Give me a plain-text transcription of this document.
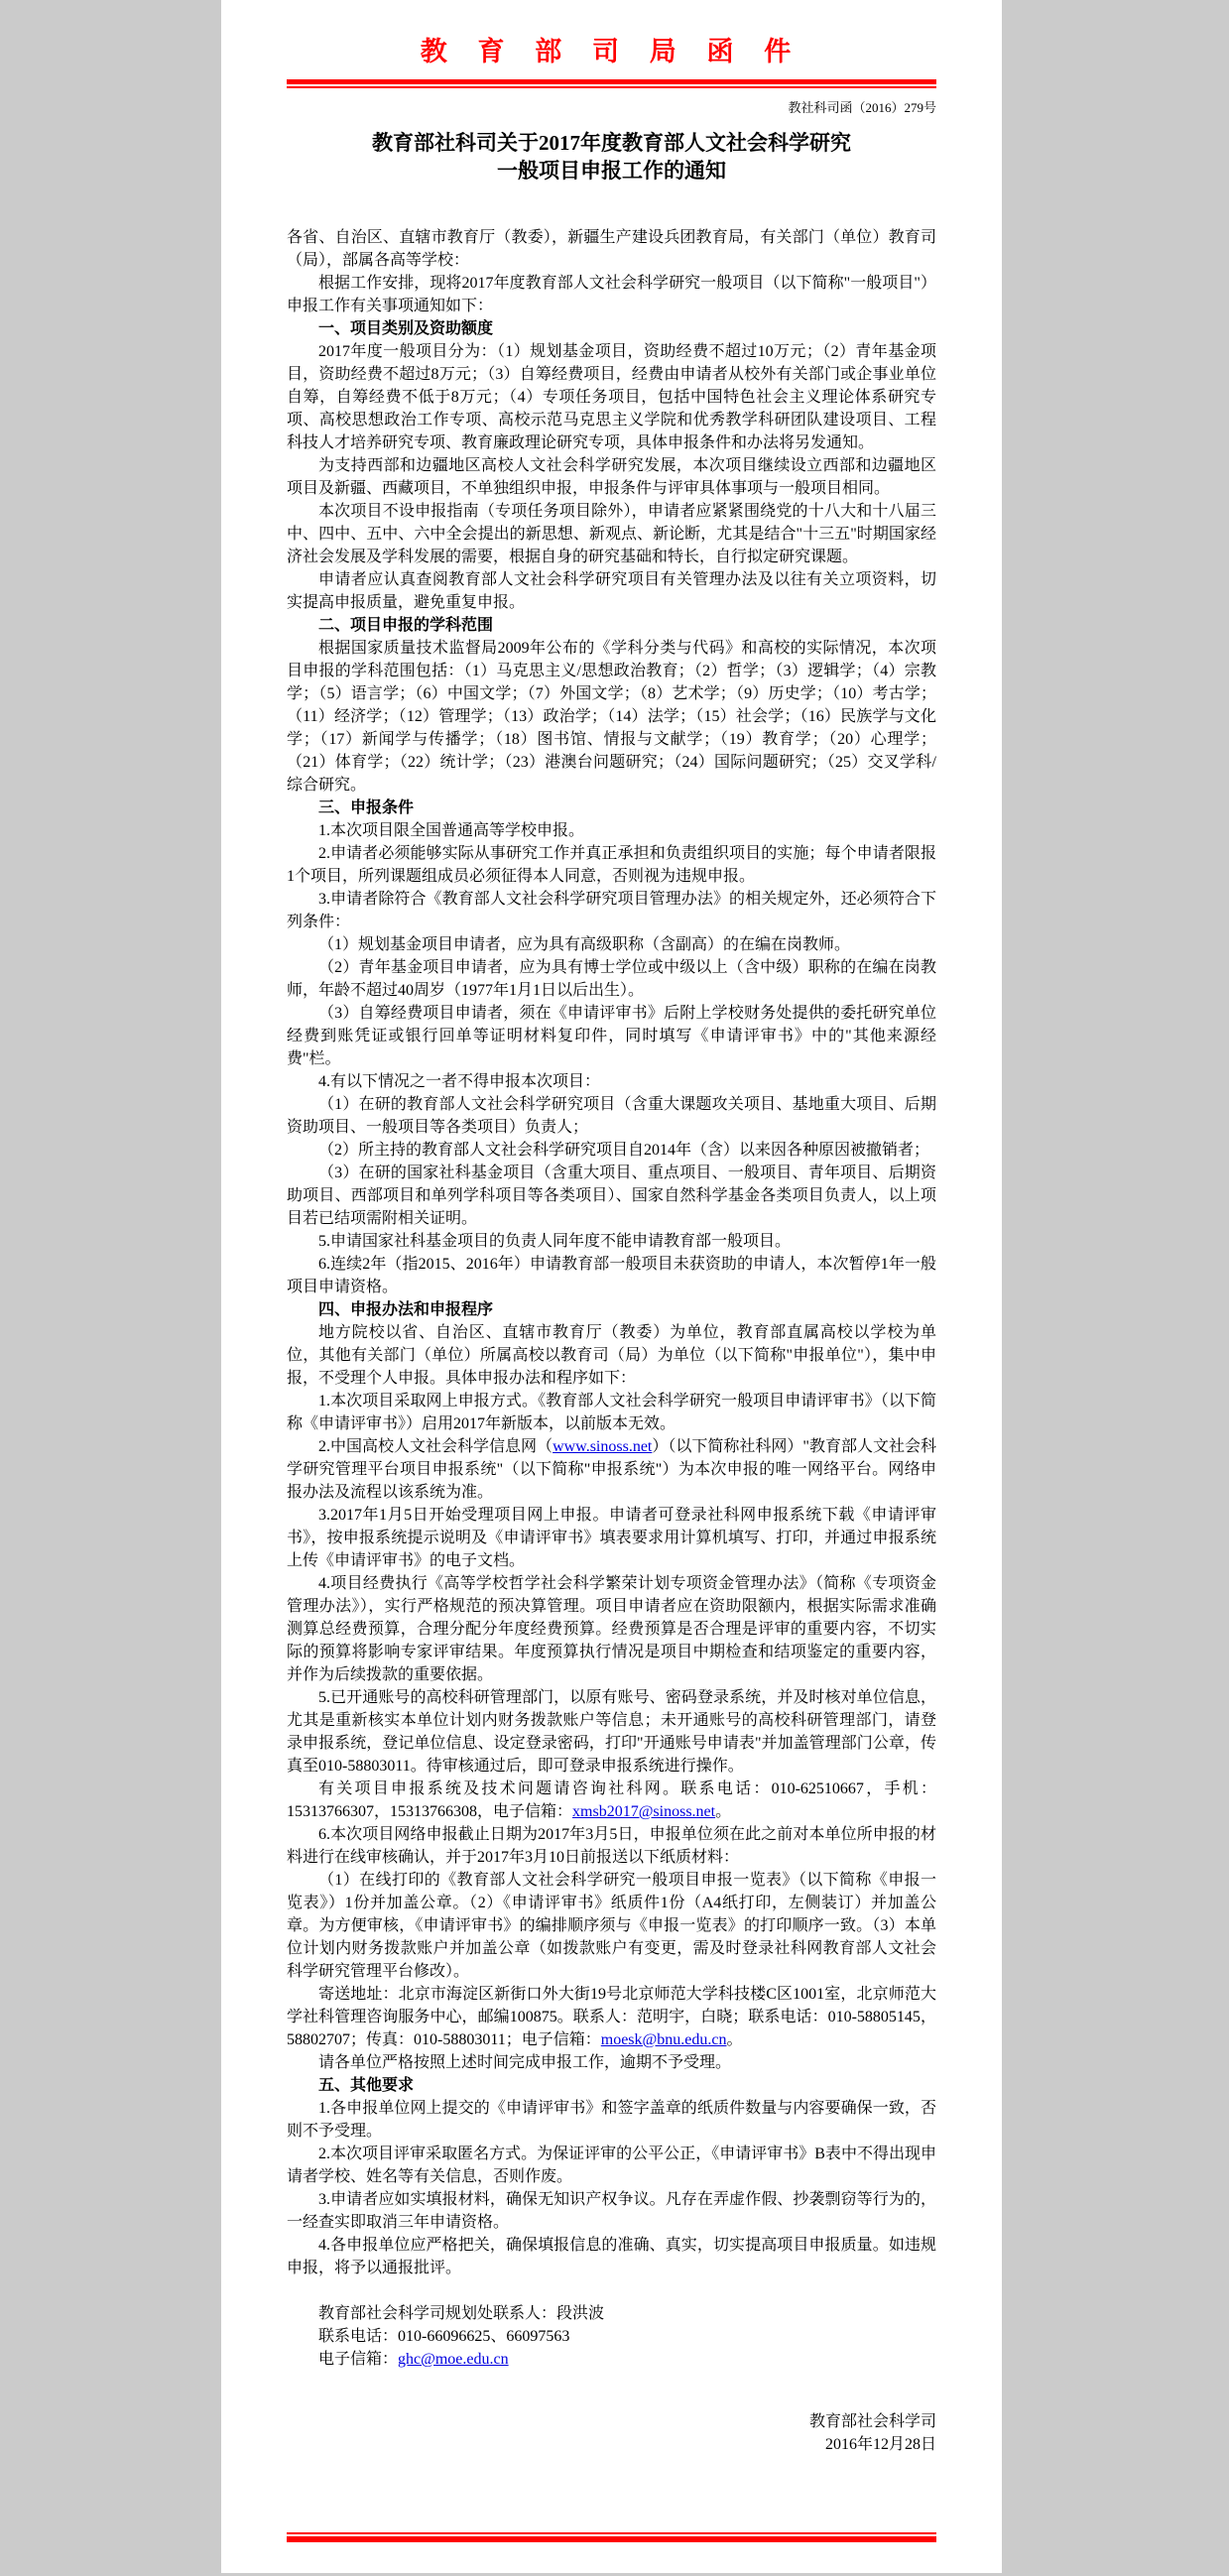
教 育 部 司 局 函 件
教社科司函（2016）279号
教育部社科司关于2017年度教育部人文社会科学研究
一般项目申报工作的通知

各省、自治区、直辖市教育厅（教委），新疆生产建设兵团教育局，有关部门（单位）教育司（局），部属各高等学校：

根据工作安排，现将2017年度教育部人文社会科学研究一般项目（以下简称"一般项目"）申报工作有关事项通知如下：

一、项目类别及资助额度

2017年度一般项目分为：（1）规划基金项目，资助经费不超过10万元；（2）青年基金项目，资助经费不超过8万元；（3）自筹经费项目，经费由申请者从校外有关部门或企事业单位自筹，自筹经费不低于8万元；（4）专项任务项目，包括中国特色社会主义理论体系研究专项、高校思想政治工作专项、高校示范马克思主义学院和优秀教学科研团队建设项目、工程科技人才培养研究专项、教育廉政理论研究专项，具体申报条件和办法将另发通知。

为支持西部和边疆地区高校人文社会科学研究发展，本次项目继续设立西部和边疆地区项目及新疆、西藏项目，不单独组织申报，申报条件与评审具体事项与一般项目相同。

本次项目不设申报指南（专项任务项目除外），申请者应紧紧围绕党的十八大和十八届三中、四中、五中、六中全会提出的新思想、新观点、新论断，尤其是结合"十三五"时期国家经济社会发展及学科发展的需要，根据自身的研究基础和特长，自行拟定研究课题。

申请者应认真查阅教育部人文社会科学研究项目有关管理办法及以往有关立项资料，切实提高申报质量，避免重复申报。

二、项目申报的学科范围

根据国家质量技术监督局2009年公布的《学科分类与代码》和高校的实际情况，本次项目申报的学科范围包括：（1）马克思主义/思想政治教育；（2）哲学；（3）逻辑学；（4）宗教学；（5）语言学；（6）中国文学；（7）外国文学；（8）艺术学；（9）历史学；（10）考古学；（11）经济学；（12）管理学；（13）政治学；（14）法学；（15）社会学；（16）民族学与文化学；（17）新闻学与传播学；（18）图书馆、情报与文献学；（19）教育学；（20）心理学；（21）体育学；（22）统计学；（23）港澳台问题研究；（24）国际问题研究；（25）交叉学科/综合研究。

三、申报条件

1.本次项目限全国普通高等学校申报。

2.申请者必须能够实际从事研究工作并真正承担和负责组织项目的实施；每个申请者限报1个项目，所列课题组成员必须征得本人同意，否则视为违规申报。

3.申请者除符合《教育部人文社会科学研究项目管理办法》的相关规定外，还必须符合下列条件：

（1）规划基金项目申请者，应为具有高级职称（含副高）的在编在岗教师。

（2）青年基金项目申请者，应为具有博士学位或中级以上（含中级）职称的在编在岗教师，年龄不超过40周岁（1977年1月1日以后出生）。

（3）自筹经费项目申请者，须在《申请评审书》后附上学校财务处提供的委托研究单位经费到账凭证或银行回单等证明材料复印件，同时填写《申请评审书》中的"其他来源经费"栏。

4.有以下情况之一者不得申报本次项目：

（1）在研的教育部人文社会科学研究项目（含重大课题攻关项目、基地重大项目、后期资助项目、一般项目等各类项目）负责人；

（2）所主持的教育部人文社会科学研究项目自2014年（含）以来因各种原因被撤销者；

（3）在研的国家社科基金项目（含重大项目、重点项目、一般项目、青年项目、后期资助项目、西部项目和单列学科项目等各类项目）、国家自然科学基金各类项目负责人，以上项目若已结项需附相关证明。

5.申请国家社科基金项目的负责人同年度不能申请教育部一般项目。

6.连续2年（指2015、2016年）申请教育部一般项目未获资助的申请人，本次暂停1年一般项目申请资格。

四、申报办法和申报程序

地方院校以省、自治区、直辖市教育厅（教委）为单位，教育部直属高校以学校为单位，其他有关部门（单位）所属高校以教育司（局）为单位（以下简称"申报单位"），集中申报，不受理个人申报。具体申报办法和程序如下：

1.本次项目采取网上申报方式。《教育部人文社会科学研究一般项目申请评审书》（以下简称《申请评审书》）启用2017年新版本，以前版本无效。

2.中国高校人文社会科学信息网（www.sinoss.net）（以下简称社科网）"教育部人文社会科学研究管理平台项目申报系统"（以下简称"申报系统"）为本次申报的唯一网络平台。网络申报办法及流程以该系统为准。

3.2017年1月5日开始受理项目网上申报。申请者可登录社科网申报系统下载《申请评审书》，按申报系统提示说明及《申请评审书》填表要求用计算机填写、打印，并通过申报系统上传《申请评审书》的电子文档。

4.项目经费执行《高等学校哲学社会科学繁荣计划专项资金管理办法》（简称《专项资金管理办法》），实行严格规范的预决算管理。项目申请者应在资助限额内，根据实际需求准确测算总经费预算，合理分配分年度经费预算。经费预算是否合理是评审的重要内容，不切实际的预算将影响专家评审结果。年度预算执行情况是项目中期检查和结项鉴定的重要内容，并作为后续拨款的重要依据。

5.已开通账号的高校科研管理部门，以原有账号、密码登录系统，并及时核对单位信息，尤其是重新核实本单位计划内财务拨款账户等信息；未开通账号的高校科研管理部门，请登录申报系统，登记单位信息、设定登录密码，打印"开通账号申请表"并加盖管理部门公章，传真至010-58803011。待审核通过后，即可登录申报系统进行操作。

有关项目申报系统及技术问题请咨询社科网。联系电话：010-62510667，手机：15313766307，15313766308，电子信箱：xmsb2017@sinoss.net。

6.本次项目网络申报截止日期为2017年3月5日，申报单位须在此之前对本单位所申报的材料进行在线审核确认，并于2017年3月10日前报送以下纸质材料：

（1）在线打印的《教育部人文社会科学研究一般项目申报一览表》（以下简称《申报一览表》）1份并加盖公章。（2）《申请评审书》纸质件1份（A4纸打印，左侧装订）并加盖公章。为方便审核，《申请评审书》的编排顺序须与《申报一览表》的打印顺序一致。（3）本单位计划内财务拨款账户并加盖公章（如拨款账户有变更，需及时登录社科网教育部人文社会科学研究管理平台修改）。

寄送地址：北京市海淀区新街口外大街19号北京师范大学科技楼C区1001室，北京师范大学社科管理咨询服务中心，邮编100875。联系人：范明宇，白晓；联系电话：010-58805145，58802707；传真：010-58803011；电子信箱：moesk@bnu.edu.cn。

请各单位严格按照上述时间完成申报工作，逾期不予受理。

五、其他要求

1.各申报单位网上提交的《申请评审书》和签字盖章的纸质件数量与内容要确保一致，否则不予受理。

2.本次项目评审采取匿名方式。为保证评审的公平公正，《申请评审书》B表中不得出现申请者学校、姓名等有关信息，否则作废。

3.申请者应如实填报材料，确保无知识产权争议。凡存在弄虚作假、抄袭剽窃等行为的，一经查实即取消三年申请资格。

4.各申报单位应严格把关，确保填报信息的准确、真实，切实提高项目申报质量。如违规申报，将予以通报批评。

教育部社会科学司规划处联系人：段洪波

联系电话：010-66096625、66097563

电子信箱：ghc@moe.edu.cn

教育部社会科学司

2016年12月28日
